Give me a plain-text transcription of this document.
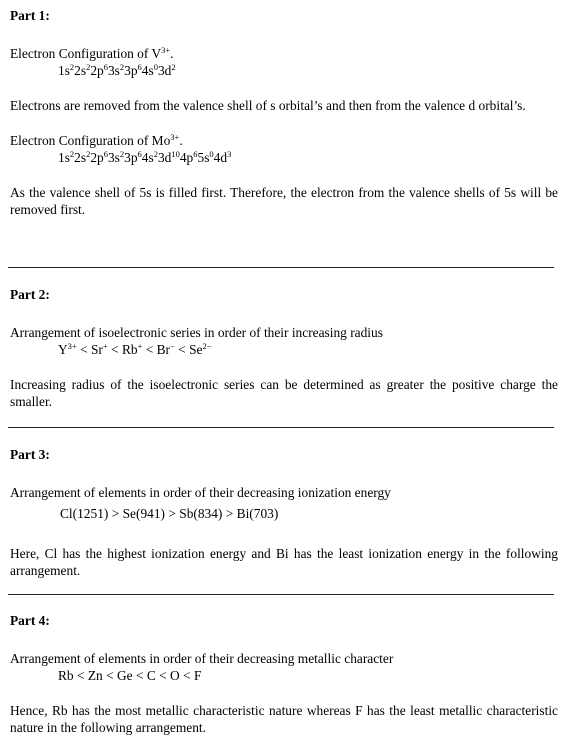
Part 1:

Electron Configuration of $V^{3+}$.

$1s^22s^22p^63s^23p^64s^03d^2$

Electrons are removed from the valence shell of s orbital’s and then from the valence d orbital’s.

Electron Configuration of $Mo^{3+}$.

$1s^22s^22p^63s^23p^64s^23d^{10}4p^65s^04d^3$

As the valence shell of 5s is filled first. Therefore, the electron from the valence shells of 5s will be removed first.

Part 2:

Arrangement of isoelectronic series in order of their increasing radius

$Y^{3+} < Sr^+ < Rb^+ < Br^- < Se^{2-}$

Increasing radius of the isoelectronic series can be determined as greater the positive charge the smaller.

Part 3:

Arrangement of elements in order of their decreasing ionization energy

Cl(1251) > Se(941) > Sb(834) > Bi(703)

Here, Cl has the highest ionization energy and Bi has the least ionization energy in the following arrangement.

Part 4:

Arrangement of elements in order of their decreasing metallic character

Rb < Zn < Ge < C < O < F

Hence, Rb has the most metallic characteristic nature whereas F has the least metallic characteristic nature in the following arrangement.
